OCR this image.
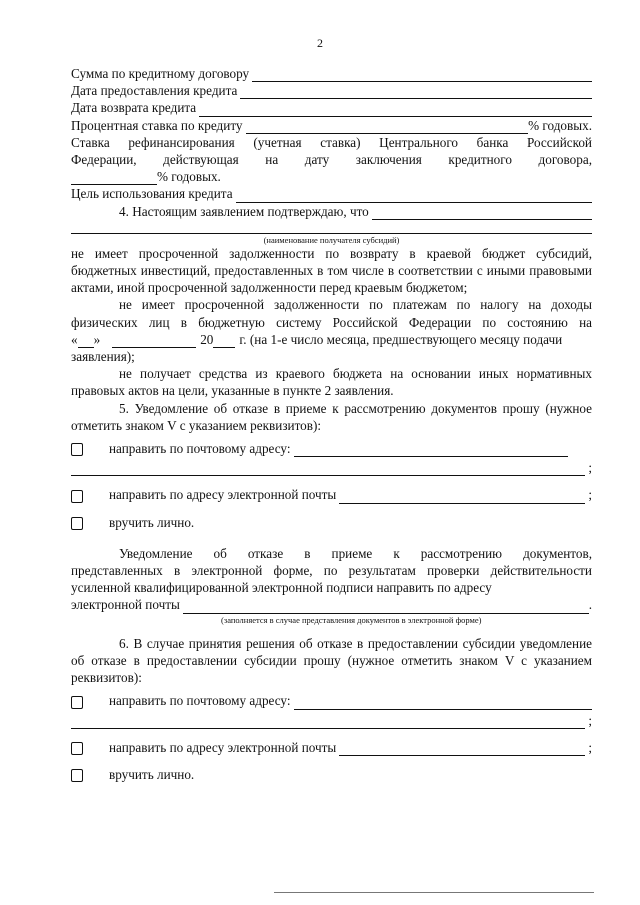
2
Сумма по кредитному договору
Дата предоставления кредита
Дата возврата кредита
Процентная ставка по кредиту	% годовых.
Ставка рефинансирования (учетная ставка) Центрального банка Российской
Федерации, действующая на дату заключения кредитного договора,
% годовых.
Цель использования кредита
4. Настоящим заявлением подтверждаю, что
(наименование получателя субсидий)
не имеет просроченной задолженности по возврату в краевой бюджет субсидий, бюджетных инвестиций, предоставленных в том числе в соответствии с иными правовыми актами, иной просроченной задолженности перед краевым бюджетом;
не имеет просроченной задолженности по платежам по налогу на доходы
физических лиц в бюджетную систему Российской Федерации по состоянию на
« »	20 г. (на 1-е число месяца, предшествующего месяцу подачи
заявления);
не получает средства из краевого бюджета на основании иных нормативных правовых актов на цели, указанные в пункте 2 заявления.
5. Уведомление об отказе в приеме к рассмотрению документов прошу (нужное отметить знаком V с указанием реквизитов):
направить по почтовому адресу:
;
направить по адресу электронной почты	;
вручить лично.
Уведомление об отказе в приеме к рассмотрению документов,
представленных в электронной форме, по результатам проверки действительности усиленной квалифицированной электронной подписи направить по адресу
электронной почты	.
(заполняется в случае представления документов в электронной форме)
6. В случае принятия решения об отказе в предоставлении субсидии уведомление об отказе в предоставлении субсидии прошу (нужное отметить знаком V с указанием реквизитов):
направить по почтовому адресу:
;
направить по адресу электронной почты	;
вручить лично.
